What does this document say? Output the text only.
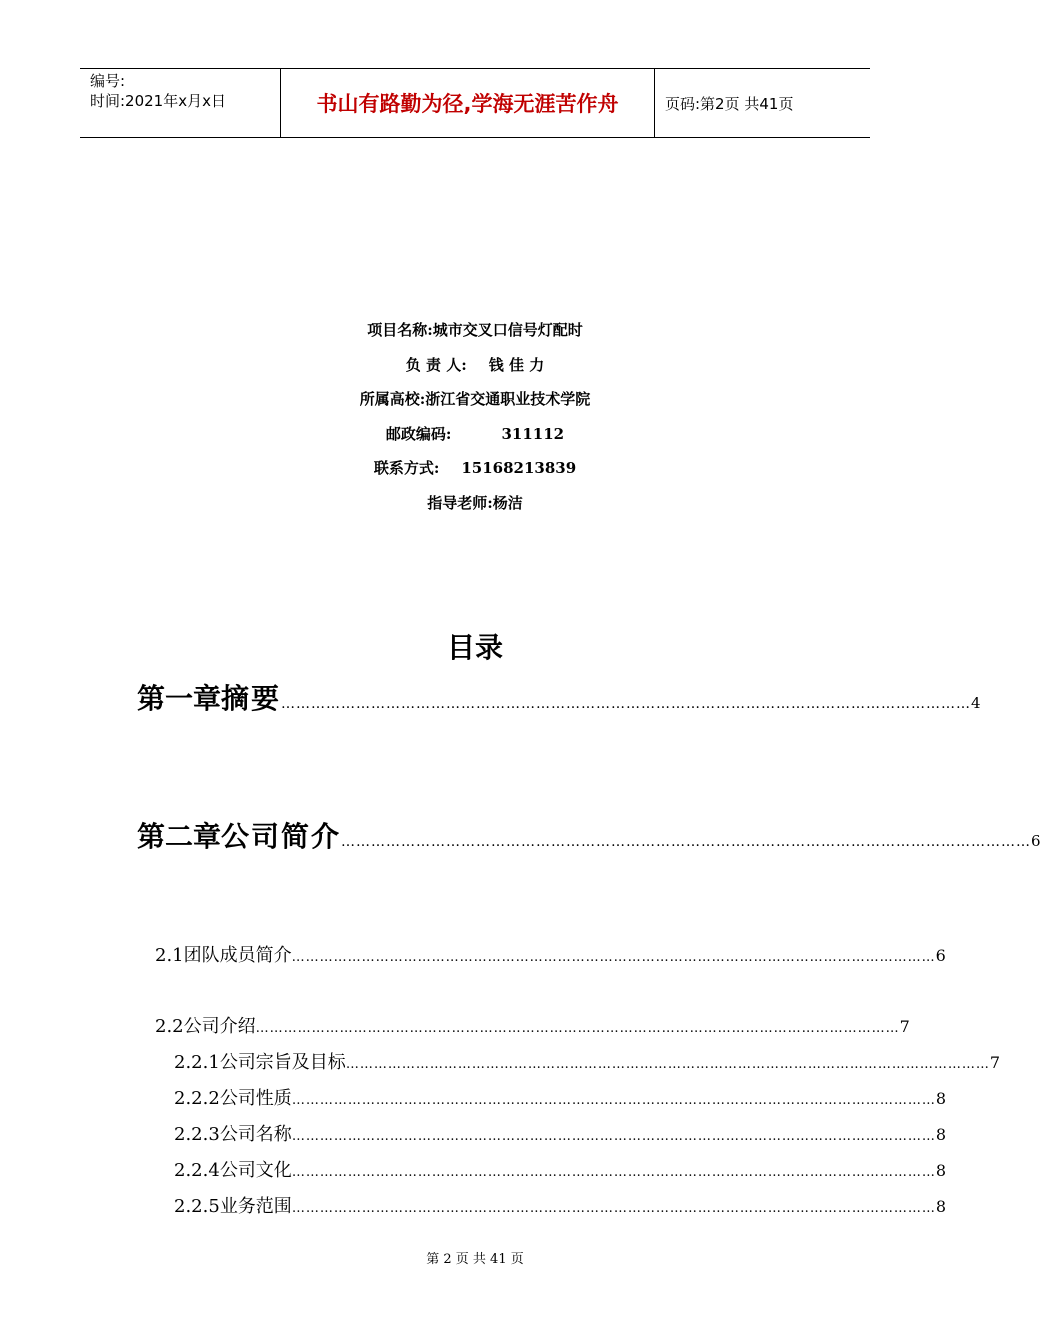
编号:
时间:2021年x月x日	书山有路勤为径,学海无涯苦作舟	页码:第2页 共41页
项目名称:城市交叉口信号灯配时
负 责 人: 钱 佳 力
所属高校:浙江省交通职业技术学院
邮政编码:	311112
联系方式: 15168213839
指导老师:杨洁
目录
第一章 摘要 ………………………………………………………………………………………………………………………… 4
第二章 公司简介 ………………………………………………………………………………………………………………………… 6
2.1 团队成员简介 ………………………………………………………………………………………………………………………… 6
2.2 公司介绍 ………………………………………………………………………………………………………………………… 7
2.2.1 公司宗旨及目标 ………………………………………………………………………………………………………………………… 7
2.2.2 公司性质 ………………………………………………………………………………………………………………………… 8
2.2.3 公司名称 ………………………………………………………………………………………………………………………… 8
2.2.4 公司文化 ………………………………………………………………………………………………………………………… 8
2.2.5 业务范围 ………………………………………………………………………………………………………………………… 8
第 2 页 共 41 页
